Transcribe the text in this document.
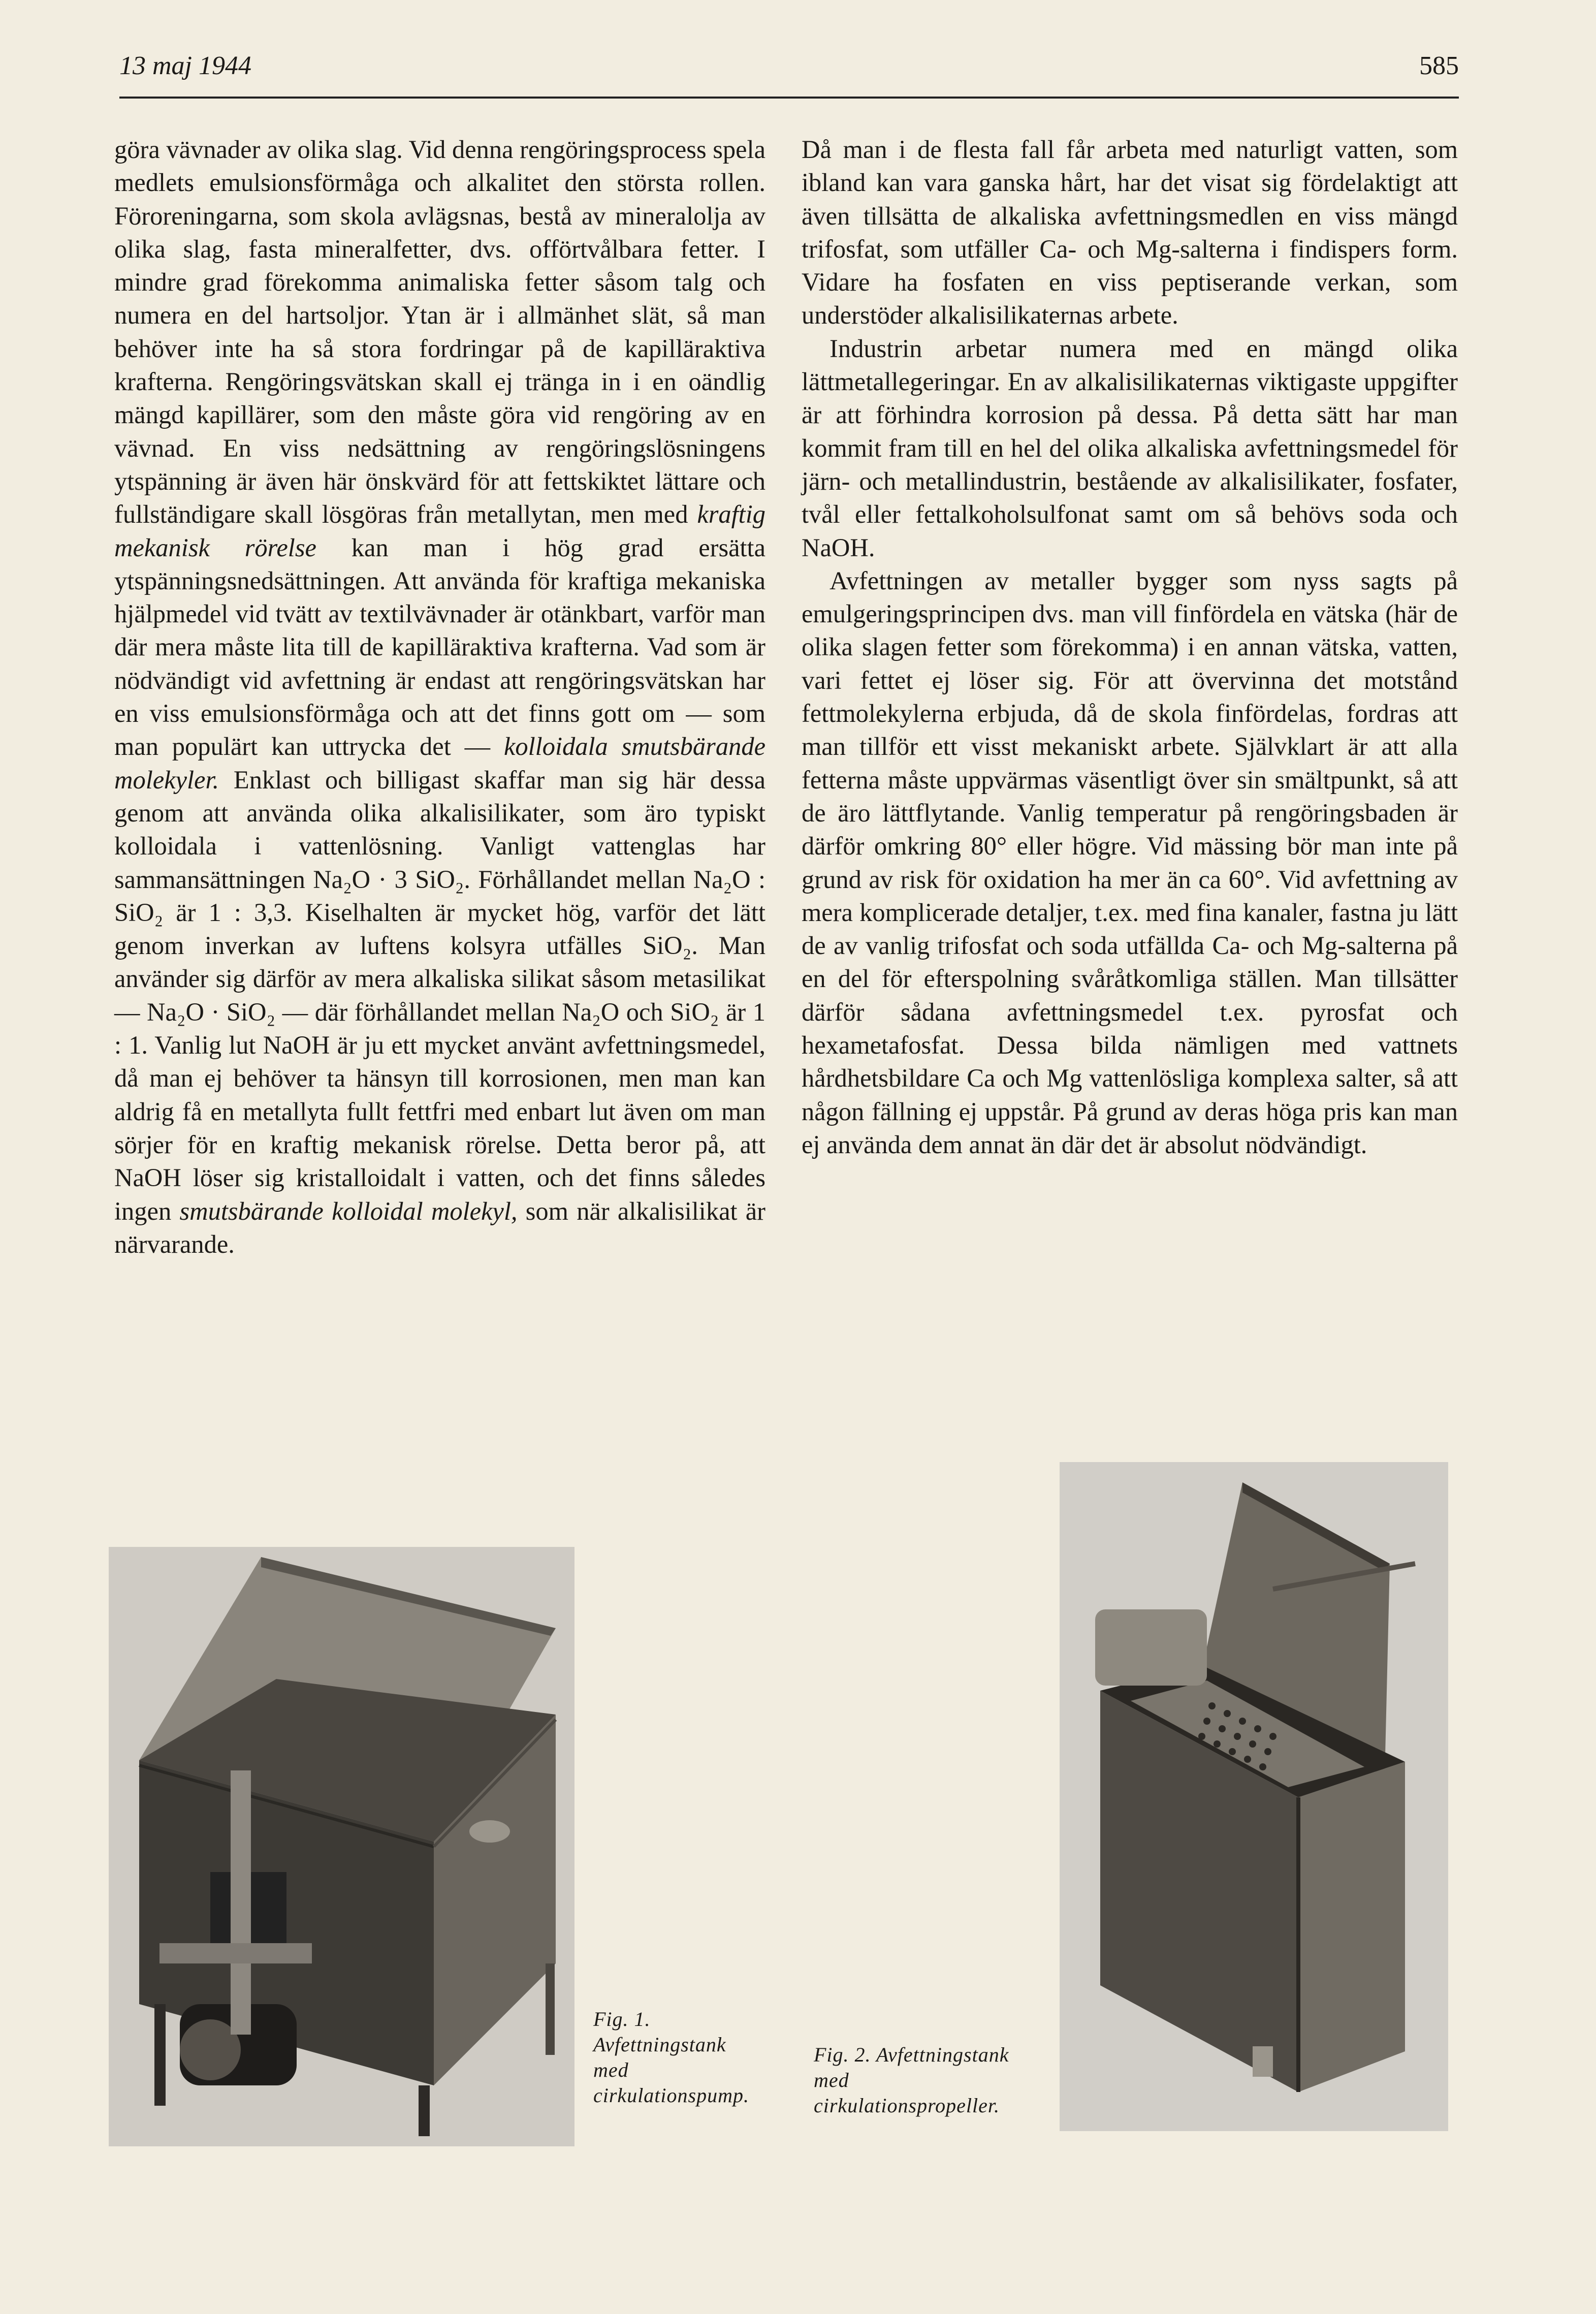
13 maj 1944	585

göra vävnader av olika slag. Vid denna rengöringsprocess spela medlets emulsionsförmåga och alkalitet den största rollen. Föroreningarna, som skola avlägsnas, bestå av mineralolja av olika slag, fasta mineralfetter, dvs. offörtvålbara fetter. I mindre grad förekomma animaliska fetter såsom talg och numera en del hartsoljor. Ytan är i allmänhet slät, så man behöver inte ha så stora fordringar på de kapilläraktiva krafterna. Rengöringsvätskan skall ej tränga in i en oändlig mängd kapillärer, som den måste göra vid rengöring av en vävnad. En viss nedsättning av rengöringslösningens ytspänning är även här önskvärd för att fettskiktet lättare och fullständigare skall lösgöras från metallytan, men med kraftig mekanisk rörelse kan man i hög grad ersätta ytspänningsnedsättningen. Att använda för kraftiga mekaniska hjälpmedel vid tvätt av textilvävnader är otänkbart, varför man där mera måste lita till de kapilläraktiva krafterna. Vad som är nödvändigt vid avfettning är endast att rengöringsvätskan har en viss emulsionsförmåga och att det finns gott om — som man populärt kan uttrycka det — kolloidala smutsbärande molekyler. Enklast och billigast skaffar man sig här dessa genom att använda olika alkalisilikater, som äro typiskt kolloidala i vattenlösning. Vanligt vattenglas har sammansättningen Na₂O · 3 SiO₂. Förhållandet mellan Na₂O : SiO₂ är 1 : 3,3. Kiselhalten är mycket hög, varför det lätt genom inverkan av luftens kolsyra utfälles SiO₂. Man använder sig därför av mera alkaliska silikat såsom metasilikat — Na₂O · SiO₂ — där förhållandet mellan Na₂O och SiO₂ är 1 : 1. Vanlig lut NaOH är ju ett mycket använt avfettningsmedel, då man ej behöver ta hänsyn till korrosionen, men man kan aldrig få en metallyta fullt fettfri med enbart lut även om man sörjer för en kraftig mekanisk rörelse. Detta beror på, att NaOH löser sig kristalloidalt i vatten, och det finns således ingen smutsbärande kolloidal molekyl, som när alkalisilikat är närvarande.

Då man i de flesta fall får arbeta med naturligt vatten, som ibland kan vara ganska hårt, har det visat sig fördelaktigt att även tillsätta de alkaliska avfettningsmedlen en viss mängd trifosfat, som utfäller Ca- och Mg-salterna i findispers form. Vidare ha fosfaten en viss peptiserande verkan, som understöder alkalisilikaternas arbete.

Industrin arbetar numera med en mängd olika lättmetallegeringar. En av alkalisilikaternas viktigaste uppgifter är att förhindra korrosion på dessa. På detta sätt har man kommit fram till en hel del olika alkaliska avfettningsmedel för järn- och metallindustrin, bestående av alkalisilikater, fosfater, tvål eller fettalkoholsulfonat samt om så behövs soda och NaOH.

Avfettningen av metaller bygger som nyss sagts på emulgeringsprincipen dvs. man vill finfördela en vätska (här de olika slagen fetter som förekomma) i en annan vätska, vatten, vari fettet ej löser sig. För att övervinna det motstånd fettmolekylerna erbjuda, då de skola finfördelas, fordras att man tillför ett visst mekaniskt arbete. Självklart är att alla fetterna måste uppvärmas väsentligt över sin smältpunkt, så att de äro lättflytande. Vanlig temperatur på rengöringsbaden är därför omkring 80° eller högre. Vid mässing bör man inte på grund av risk för oxidation ha mer än ca 60°. Vid avfettning av mera komplicerade detaljer, t.ex. med fina kanaler, fastna ju lätt de av vanlig trifosfat och soda utfällda Ca- och Mg-salterna på en del för efterspolning svåråtkomliga ställen. Man tillsätter därför sådana avfettningsmedel t.ex. pyrosfat och hexametafosfat. Dessa bilda nämligen med vattnets hårdhetsbildare Ca och Mg vattenlösliga komplexa salter, så att någon fällning ej uppstår. På grund av deras höga pris kan man ej använda dem annat än där det är absolut nödvändigt.

Fig. 1. Avfettningstank med cirkulationspump.
Fig. 2. Avfettningstank med cirkulationspropeller.
